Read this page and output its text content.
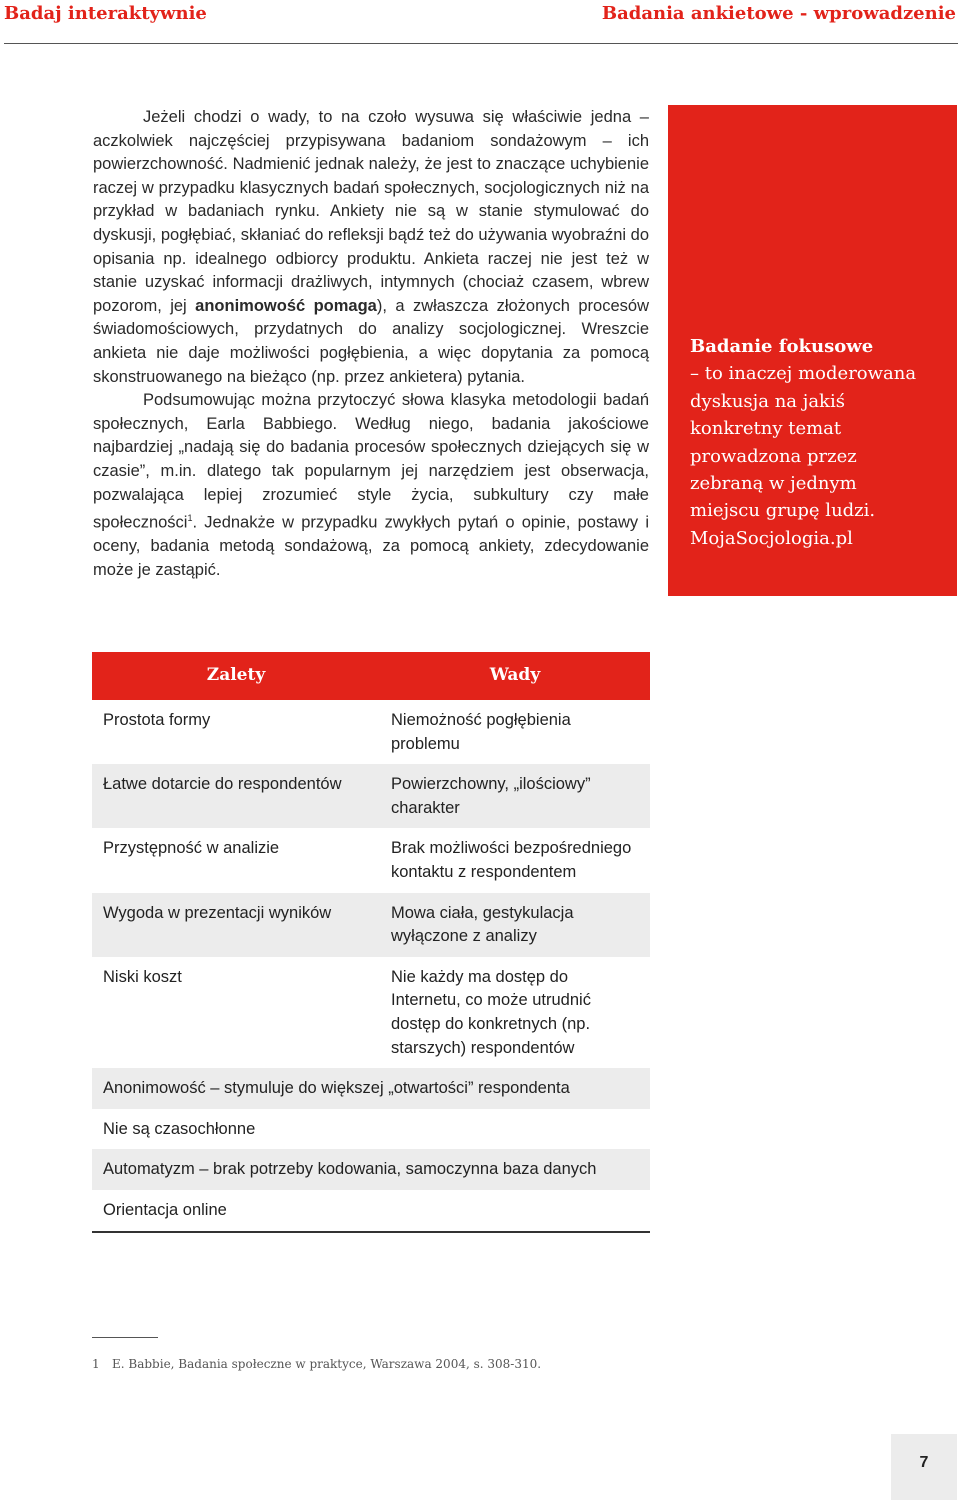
Badaj interaktywnie	Badania ankietowe - wprowadzenie

Jeżeli chodzi o wady, to na czoło wysuwa się właściwie jedna – aczkolwiek najczęściej przypisywana badaniom sondażowym – ich powierzchowność. Nadmienić jednak należy, że jest to znaczące uchybienie raczej w przypadku klasycznych badań społecznych, socjologicznych niż na przykład w badaniach rynku. Ankiety nie są w stanie stymulować do dyskusji, pogłębiać, skłaniać do refleksji bądź też do używania wyobraźni do opisania np. idealnego odbiorcy produktu. Ankieta raczej nie jest też w stanie uzyskać informacji drażliwych, intymnych (chociaż czasem, wbrew pozorom, jej anonimowość pomaga), a zwłaszcza złożonych procesów świadomościowych, przydatnych do analizy socjologicznej. Wreszcie ankieta nie daje możliwości pogłębienia, a więc dopytania za pomocą skonstruowanego na bieżąco (np. przez ankietera) pytania.

Podsumowując można przytoczyć słowa klasyka metodologii badań społecznych, Earla Babbiego. Według niego, badania jakościowe najbardziej „nadają się do badania procesów społecznych dziejących się w czasie”, m.in. dlatego tak popularnym jej narzędziem jest obserwacja, pozwalająca lepiej zrozumieć style życia, subkultury czy małe społeczności$^1$. Jednakże w przypadku zwykłych pytań o opinie, postawy i oceny, badania metodą sondażową, za pomocą ankiety, zdecydowanie może je zastąpić.

Badanie fokusowe
– to inaczej moderowana dyskusja na jakiś konkretny temat prowadzona przez zebraną w jednym miejscu grupę ludzi. MojaSocjologia.pl
Zalety	Wady
Prostota formy	Niemożność pogłębienia problemu
Łatwe dotarcie do respondentów	Powierzchowny, „ilościowy” charakter
Przystępność w analizie	Brak możliwości bezpośredniego kontaktu z respondentem
Wygoda w prezentacji wyników	Mowa ciała, gestykulacja wyłączone z analizy
Niski koszt	Nie każdy ma dostęp do Internetu, co może utrudnić dostęp do konkretnych (np. starszych) respondentów
Anonimowość – stymuluje do większej „otwartości” respondenta	
Nie są czasochłonne	
Automatyzm – brak potrzeby kodowania, samoczynna baza danych	
Orientacja online	
1 E. Babbie, Badania społeczne w praktyce, Warszawa 2004, s. 308-310.
7
